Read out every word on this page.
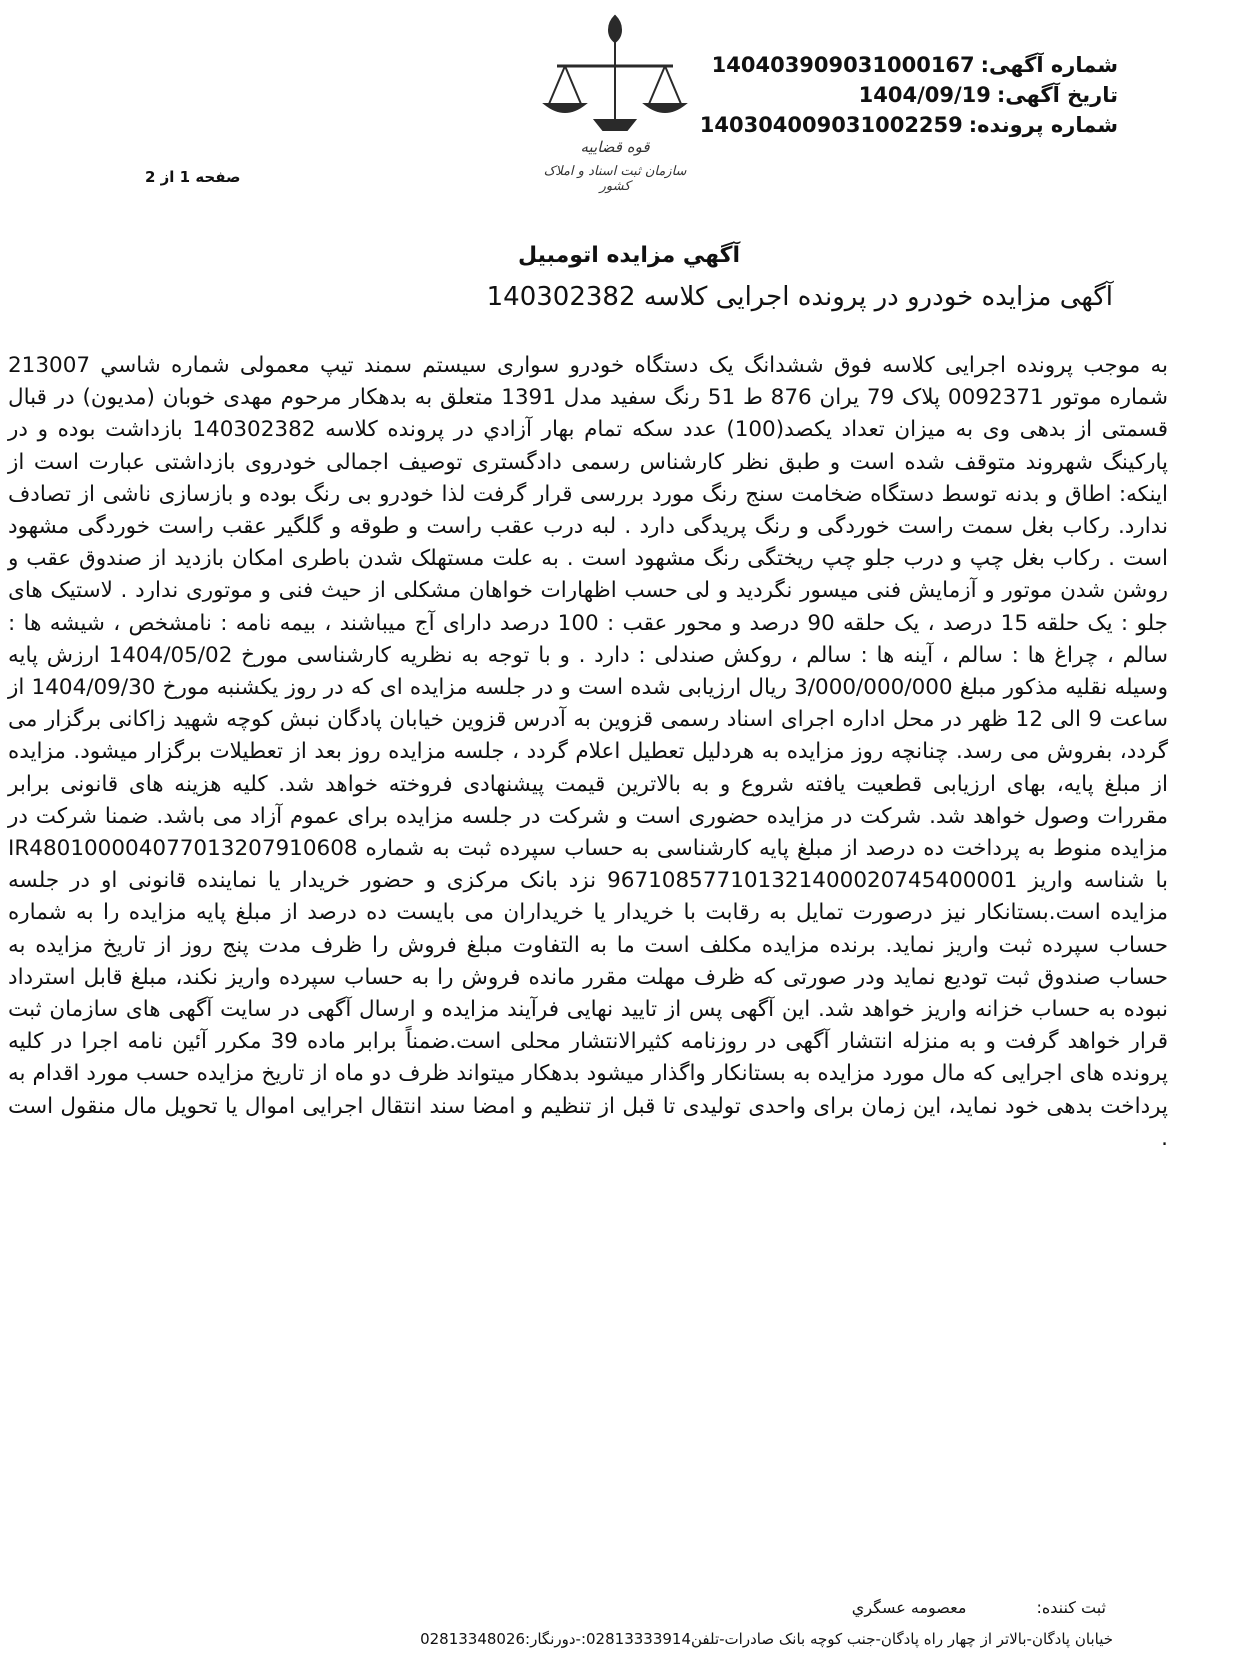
شماره آگهی:140403909031000167
تاریخ آگهی:1404/09/19
شماره پرونده:140304009031002259
قوه قضاییه
سازمان ثبت اسناد و املاک کشور
صفحه 1 از 2
آگهي مزايده اتومبيل
آگهی مزایده خودرو در پرونده اجرایی کلاسه 140302382
به موجب پرونده اجرايی کلاسه فوق ششدانگ یک دستگاه خودرو سواری سیستم سمند تیپ معمولی شماره شاسي 213007 شماره موتور 0092371 پلاک 79 یران 876 ط 51 رنگ سفيد مدل 1391 متعلق به بدهکار مرحوم مهدی خوبان (مدیون) در قبال قسمتی از بدهی وی به میزان تعداد یکصد(100) عدد سکه تمام بهار آزادي در پرونده کلاسه 140302382 بازداشت بوده و در پارکینگ شهروند متوقف شده است و طبق نظر کارشناس رسمی دادگستری توصیف اجمالی خودروی بازداشتی عبارت است از اینکه: اطاق و بدنه توسط دستگاه ضخامت سنج رنگ مورد بررسی قرار گرفت لذا خودرو بی رنگ بوده و بازسازی ناشی از تصادف ندارد. رکاب بغل سمت راست خوردگی و رنگ پریدگی دارد . لبه درب عقب راست و طوقه و گلگیر عقب راست خوردگی مشهود است . رکاب بغل چپ و درب جلو چپ ریختگی رنگ مشهود است . به علت مستهلک شدن باطری امکان بازدید از صندوق عقب و روشن شدن موتور و آزمایش فنی میسور نگردید و لی حسب اظهارات خواهان مشکلی از حیث فنی و موتوری ندارد . لاستیک های جلو : یک حلقه 15 درصد ، یک حلقه 90 درصد و محور عقب : 100 درصد دارای آج میباشند ، بیمه نامه : نامشخص ، شیشه ها : سالم ، چراغ ها : سالم ، آینه ها : سالم ، روکش صندلی : دارد . و با توجه به نظریه کارشناسی مورخ 1404/05/02 ارزش پایه وسیله نقلیه مذکور مبلغ 3/000/000/000 ریال ارزیابی شده است و در جلسه مزایده ای که در روز یکشنبه مورخ 1404/09/30 از ساعت 9 الی 12 ظهر در محل اداره اجرای اسناد رسمی قزوین به آدرس قزوین خیابان پادگان نبش کوچه شهید زاکانی برگزار می گردد، بفروش می رسد. چنانچه روز مزایده به هردلیل تعطیل اعلام گردد ، جلسه مزایده روز بعد از تعطیلات برگزار میشود. مزایده از مبلغ پایه، بهای ارزیابی قطعیت یافته شروع و به بالاترین قیمت پیشنهادی فروخته خواهد شد. کلیه هزینه های قانونی برابر مقررات وصول خواهد شد. شرکت در مزایده حضوری است و شرکت در جلسه مزایده برای عموم آزاد می باشد. ضمنا شرکت در مزایده منوط به پرداخت ده درصد از مبلغ پایه کارشناسی به حساب سپرده ثبت به شماره IR480100004077013207910608 با شناسه واریز 967108577101321400020745400001 نزد بانک مرکزی و حضور خریدار یا نماینده قانونی او در جلسه مزایده است.بستانکار نیز درصورت تمایل به رقابت با خریدار یا خریداران می بایست ده درصد از مبلغ پایه مزایده را به شماره حساب سپرده ثبت واریز نماید. برنده مزایده مکلف است ما به التفاوت مبلغ فروش را ظرف مدت پنج روز از تاریخ مزایده به حساب صندوق ثبت تودیع نماید ودر صورتی که ظرف مهلت مقرر مانده فروش را به حساب سپرده واریز نکند، مبلغ قابل استرداد نبوده به حساب خزانه واریز خواهد شد. این آگهی پس از تایید نهایی فرآیند مزایده و ارسال آگهی در سایت آگهی های سازمان ثبت قرار خواهد گرفت و به منزله انتشار آگهی در روزنامه کثیرالانتشار محلی است.ضمناً برابر ماده 39 مکرر آئین نامه اجرا در کلیه پرونده های اجرایی که مال مورد مزایده به بستانکار واگذار میشود بدهکار میتواند ظرف دو ماه از تاریخ مزایده حسب مورد اقدام به پرداخت بدهی خود نماید، این زمان برای واحدی تولیدی تا قبل از تنظیم و امضا سند انتقال اجرایی اموال یا تحویل مال منقول است .
ثبت کننده:معصومه عسگري
خیابان پادگان-بالاتر از چهار راه پادگان-جنب کوچه بانک صادرات-تلفن02813333914:-دورنگار02813348026:
